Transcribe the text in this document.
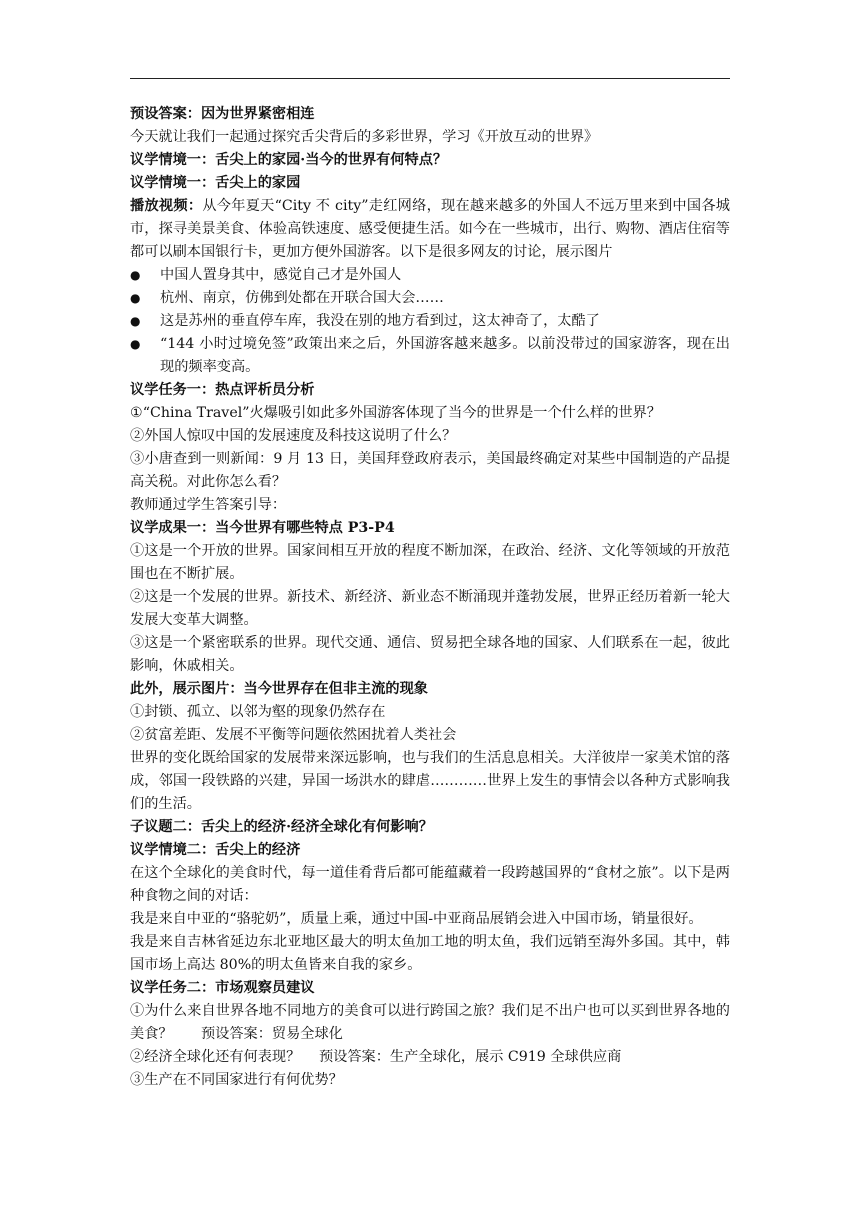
预设答案：因为世界紧密相连

今天就让我们一起通过探究舌尖背后的多彩世界，学习《开放互动的世界》

议学情境一：舌尖上的家园·当今的世界有何特点？

议学情境一：舌尖上的家园

播放视频：从今年夏天“City 不 city”走红网络，现在越来越多的外国人不远万里来到中国各城市，探寻美景美食、体验高铁速度、感受便捷生活。如今在一些城市，出行、购物、酒店住宿等都可以刷本国银行卡，更加方便外国游客。以下是很多网友的讨论，展示图片

●	中国人置身其中，感觉自己才是外国人
●	杭州、南京，仿佛到处都在开联合国大会……
●	这是苏州的垂直停车库，我没在别的地方看到过，这太神奇了，太酷了
●	“144 小时过境免签”政策出来之后，外国游客越来越多。以前没带过的国家游客，现在出现的频率变高。

议学任务一：热点评析员分析

①“China Travel”火爆吸引如此多外国游客体现了当今的世界是一个什么样的世界？

②外国人惊叹中国的发展速度及科技这说明了什么？

③小唐查到一则新闻：9 月 13 日，美国拜登政府表示，美国最终确定对某些中国制造的产品提高关税。对此你怎么看？

教师通过学生答案引导：

议学成果一：当今世界有哪些特点 P3-P4

①这是一个开放的世界。国家间相互开放的程度不断加深，在政治、经济、文化等领域的开放范围也在不断扩展。

②这是一个发展的世界。新技术、新经济、新业态不断涌现并蓬勃发展，世界正经历着新一轮大发展大变革大调整。

③这是一个紧密联系的世界。现代交通、通信、贸易把全球各地的国家、人们联系在一起，彼此影响，休戚相关。

此外，展示图片：当今世界存在但非主流的现象

①封锁、孤立、以邻为壑的现象仍然存在

②贫富差距、发展不平衡等问题依然困扰着人类社会

世界的变化既给国家的发展带来深远影响，也与我们的生活息息相关。大洋彼岸一家美术馆的落成，邻国一段铁路的兴建，异国一场洪水的肆虐…………世界上发生的事情会以各种方式影响我们的生活。

子议题二：舌尖上的经济·经济全球化有何影响？

议学情境二：舌尖上的经济

在这个全球化的美食时代，每一道佳肴背后都可能蕴藏着一段跨越国界的“食材之旅”。以下是两种食物之间的对话：

我是来自中亚的“骆驼奶”，质量上乘，通过中国-中亚商品展销会进入中国市场，销量很好。

我是来自吉林省延边东北亚地区最大的明太鱼加工地的明太鱼，我们远销至海外多国。其中，韩国市场上高达 80%的明太鱼皆来自我的家乡。

议学任务二：市场观察员建议

①为什么来自世界各地不同地方的美食可以进行跨国之旅？我们足不出户也可以买到世界各地的美食？　　预设答案：贸易全球化

②经济全球化还有何表现？　 预设答案：生产全球化，展示 C919 全球供应商

③生产在不同国家进行有何优势？
